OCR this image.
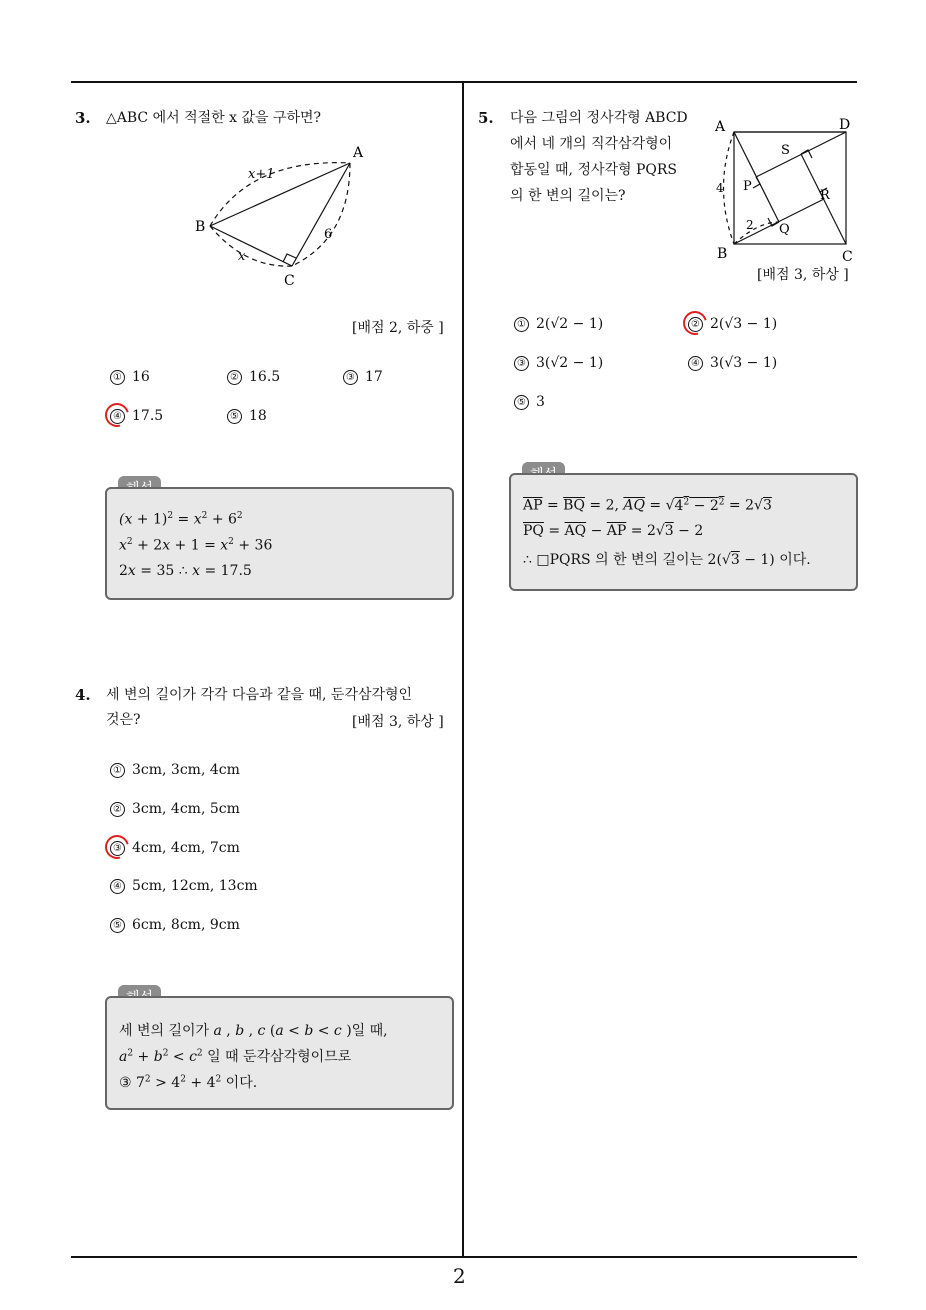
2
3. △ABC 에서 적절한 x 값을 구하면?
A
B
C
x+1
6
x
[배점 2, 하중 ]
① 16	② 16.5	③ 17
④ 17.5	⑤ 18
$(x + 1)^2 = x^2 + 6^2$
$x^2 + 2x + 1 = x^2 + 36$
2x = 35 ∴ x = 17.5
4. 세 변의 길이가 각각 다음과 같을 때, 둔각삼각형인
것은?	[배점 3, 하상 ]
① 3cm, 3cm, 4cm
② 3cm, 4cm, 5cm
③ 4cm, 4cm, 7cm
④ 5cm, 12cm, 13cm
⑤ 6cm, 8cm, 9cm
세 변의 길이가 a , b , c (a < b < c )일 때,
$a^2 + b^2 < c^2$ 일 때 둔각삼각형이므로
③ $7^2 > 4^2 + 4^2$ 이다.
5. 다음 그림의 정사각형 ABCD
에서 네 개의 직각삼각형이
합동일 때, 정사각형 PQRS
의 한 변의 길이는?
A	D
B	C
P
Q
R
S
4
2
[배점 3, 하상 ]
① 2(√2 − 1)	② 2(√3 − 1)
③ 3(√2 − 1)	④ 3(√3 − 1)
⑤ 3
$\overline{AP} = \overline{BQ} = 2$, $\overline{AQ} = √4^2 - 2^2 = 2√3$
$\overline{PQ} = \overline{AQ} - \overline{AP} = 2√3 - 2$
∴ □PQRS 의 한 변의 길이는 2(√3 − 1) 이다.
